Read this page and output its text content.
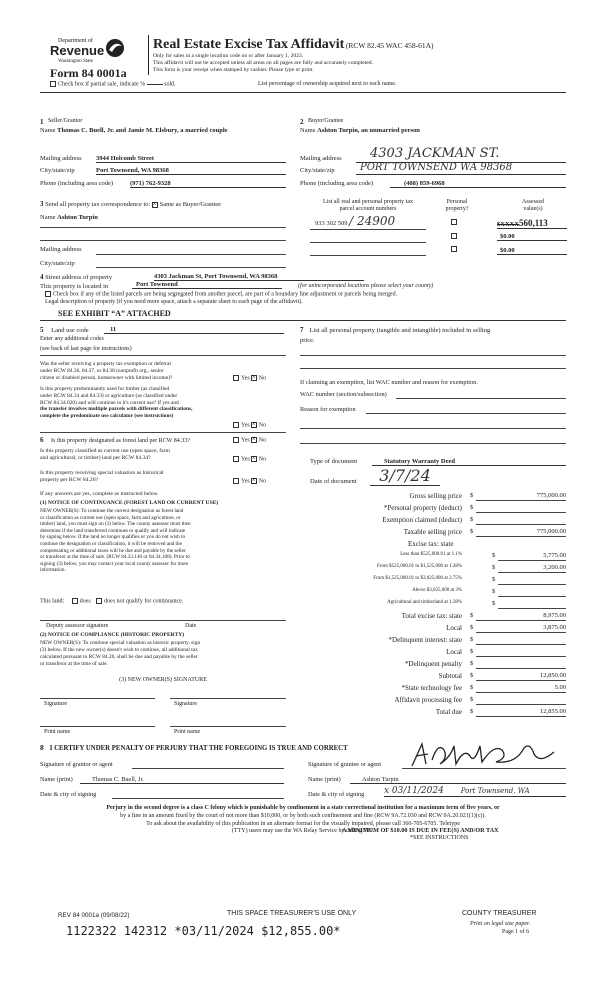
Department of
Revenue
Washington State
Form 84 0001a
Real Estate Excise Tax Affidavit (RCW 82.45 WAC 458-61A)
Only for sales in a single location code on or after January 1, 2023.
This affidavit will not be accepted unless all areas on all pages are fully and accurately completed.
This form is your receipt when stamped by cashier. Please type or print.
Check box if partial sale, indicate %	sold.	List percentage of ownership acquired next to each name.
1 Seller/Grantor
Name Thomas C. Buell, Jr. and Jamie M. Elsbury, a married couple
Mailing address 3944 Holcomb Street
City/state/zip	Port Townsend, WA 98368
Phone (including area code)	(971) 762-9328
2 Buyer/Grantee
Name Ashton Turpin, an unmarried person
Mailing address	4303 JACKMAN ST.
City/state/zip	PORT TOWNSEND WA 98368
Phone (including area code)	(408) 859-6968
3 Send all property tax correspondence to: × Same as Buyer/Grantee
Name Ashton Turpin
Mailing address
City/state/zip
List all real and personal property tax
parcel account numbers
Personal
property?
Assessed
value(s)
933 302 509 / 24900	$XXXX560,113
$0.00
$0.00
4 Street address of property	4303 Jackman St, Port Townsend, WA 98368
This property is located in	Port Townsend	(for unincorporated locations please select your county)
Check box if any of the listed parcels are being segregated from another parcel, are part of a boundary line adjustment or parcels being merged.
Legal description of property (if you need more space, attach a separate sheet to each page of the affidavit).
SEE EXHIBIT “A” ATTACHED
5 Land use code	11
Enter any additional codes
(see back of last page for instructions)
Was the seller receiving a property tax exemption or deferral
under RCW 84.36, 84.37, or 84.38 (nonprofit org., senior
citizen or disabled person, homeowner with limited income)?	Yes × No
Is this property predominantly used for timber (as classified
under RCW 84.34 and 84.33) or agriculture (as classified under
RCW 84.34.020) and will continue in it's current use? If yes and
the transfer involves multiple parcels with different classifications,
complete the predominate use calculator (see instructions)
Yes × No
6 Is this property designated as forest land per RCW 84.33?	Yes × No
Is this property classified as current use (open space, farm
and agricultural, or timber) land per RCW 84.34?	Yes × No
Is this property receiving special valuation as historical
property per RCW 84.26?	Yes × No
If any answers are yes, complete as instructed below.
(1) NOTICE OF CONTINUANCE (FOREST LAND OR CURRENT USE)
NEW OWNER(S): To continue the current designation as forest land
or classification as current use (open space, farm and agriculture, or
timber) land, you must sign on (3) below. The county assessor must then
determine if the land transferred continues to qualify and will indicate
by signing below. If the land no longer qualifies or you do not wish to
continue the designation or classification, it will be removed and the
compensating or additional taxes will be due and payable by the seller
or transferor at the time of sale. (RCW 84.33.140 or 84.34.108). Prior to
signing (3) below, you may contact your local county assessor for more
information.
This land:	does does not qualify for continuance.
Deputy assessor signature	Date
(2) NOTICE OF COMPLIANCE (HISTORIC PROPERTY)
NEW OWNER(S): To continue special valuation as historic property, sign
(3) below. If the new owner(s) doesn't wish to continue, all additional tax
calculated pursuant to RCW 84.26, shall be due and payable by the seller
or transferor at the time of sale.
(3) NEW OWNER(S) SIGNATURE
Signature	Signature
Print name	Print name
7 List all personal property (tangible and intangible) included in selling
price.
If claiming an exemption, list WAC number and reason for exemption.
WAC number (section/subsection)
Reason for exemption
Type of document	Statutory Warranty Deed
Date of document	3/7/24
Gross selling price $	775,000.00
*Personal property (deduct) $
Exemption claimed (deduct) $
Taxable selling price $	775,000.00
Excise tax: state
Less than $525,000.01 at 1.1%	$	5,775.00
From $525,000.01 to $1,525,000 at 1.28%	$	3,200.00
From $1,525,000.01 to $3,025,000 at 2.75%	$
Above $3,025,000 at 3%	$
Agricultural and timberland at 1.28%	$
Total excise tax: state $	8,975.00
Local $	3,875.00
*Delinquent interest: state $
Local $
*Delinquent penalty $
Subtotal $	12,850.00
*State technology fee $	5.00
Affidavit processing fee $
Total due $	12,855.00
A MINIMUM OF $10.00 IS DUE IN FEE(S) AND/OR TAX
*SEE INSTRUCTIONS
8 I CERTIFY UNDER PENALTY OF PERJURY THAT THE FOREGOING IS TRUE AND CORRECT
Signature of grantor or agent	Signature of grantee or agent
Name (print)	Thomas C. Buell, Jr.	Name (print)	Ashton Turpin
Date & city of signing	Date & city of signing x 03/11/2024 Port Townsend, WA
Perjury in the second degree is a class C felony which is punishable by confinement in a state correctional institution for a maximum term of five years, or
by a fine in an amount fixed by the court of not more than $10,000, or by both such confinement and fine (RCW 9A.72.030 and RCW 9A.20.021(1)(c)).
To ask about the availability of this publication in an alternate format for the visually impaired, please call 360-705-6705. Teletype
(TTY) users may use the WA Relay Service by calling 711.
REV 84 0001a (09/08/22)	THIS SPACE TREASURER’S USE ONLY	COUNTY TREASURER
Print on legal size paper.
Page 1 of 6
1122322 142312 *03/11/2024 $12,855.00*
